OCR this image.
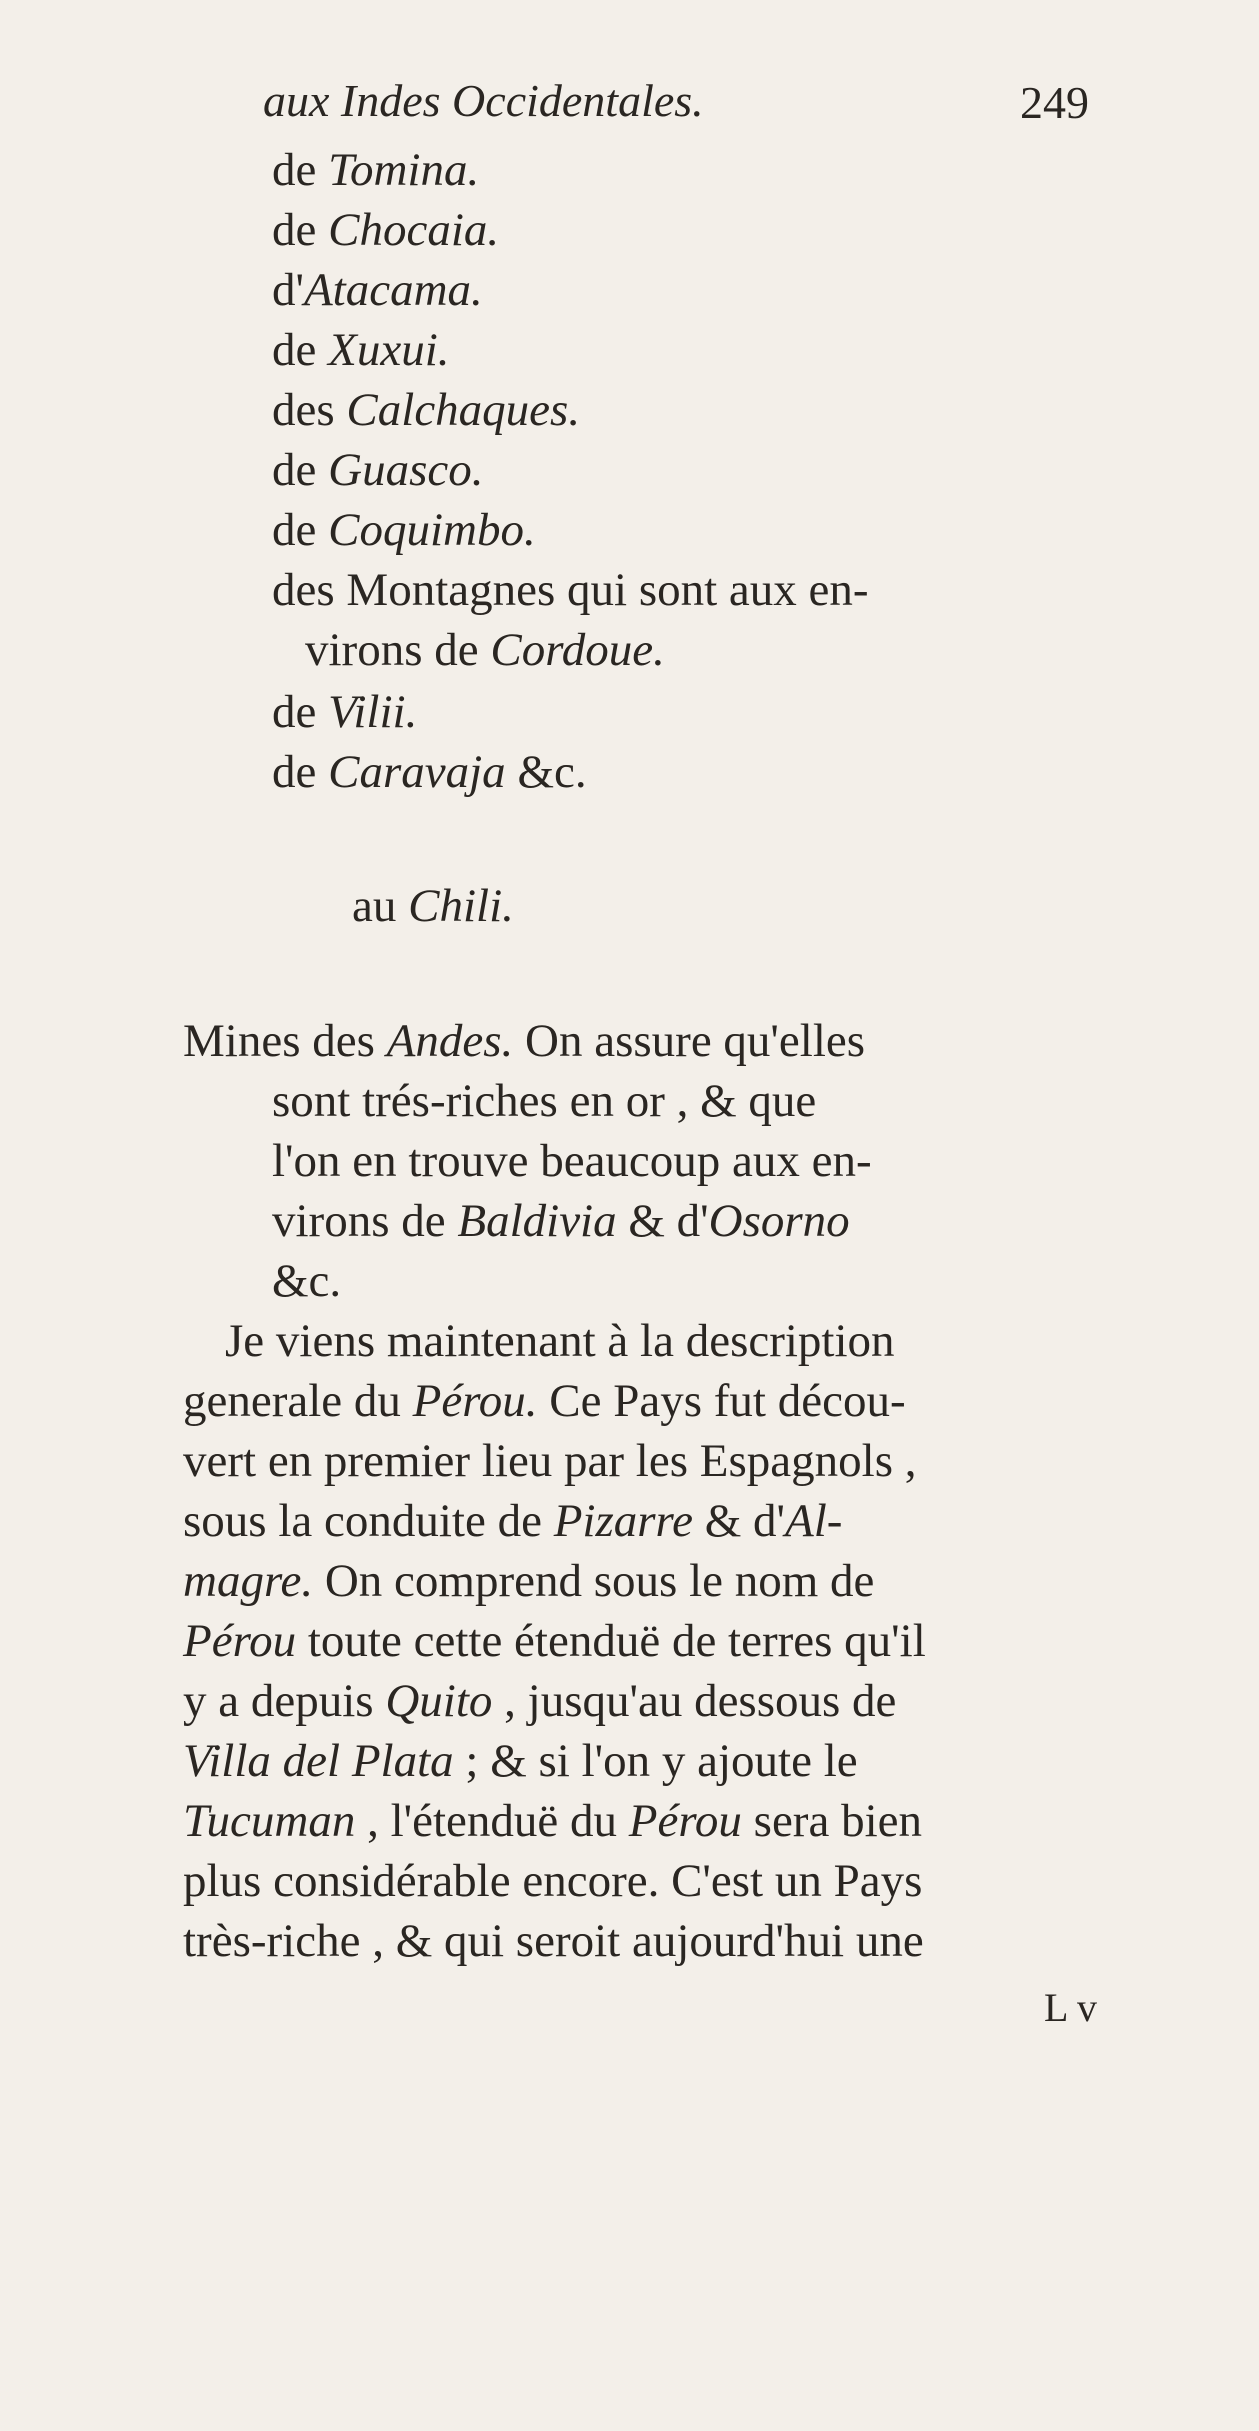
aux Indes Occidentales.	249
de Tomina.
de Chocaia.
d'Atacama.
de Xuxui.
des Calchaques.
de Guasco.
de Coquimbo.
des Montagnes qui sont aux en-
virons de Cordoue.
de Vilii.
de Caravaja &c.
au Chili.
Mines des Andes. On assure qu'elles
sont trés-riches en or , & que
l'on en trouve beaucoup aux en-
virons de Baldivia & d'Osorno
&c.
Je viens maintenant à la description
generale du Pérou. Ce Pays fut décou-
vert en premier lieu par les Espagnols ,
sous la conduite de Pizarre & d'Al-
magre. On comprend sous le nom de
Pérou toute cette étenduë de terres qu'il
y a depuis Quito , jusqu'au dessous de
Villa del Plata ; & si l'on y ajoute le
Tucuman , l'étenduë du Pérou sera bien
plus considérable encore. C'est un Pays
très-riche , & qui seroit aujourd'hui une
L v
